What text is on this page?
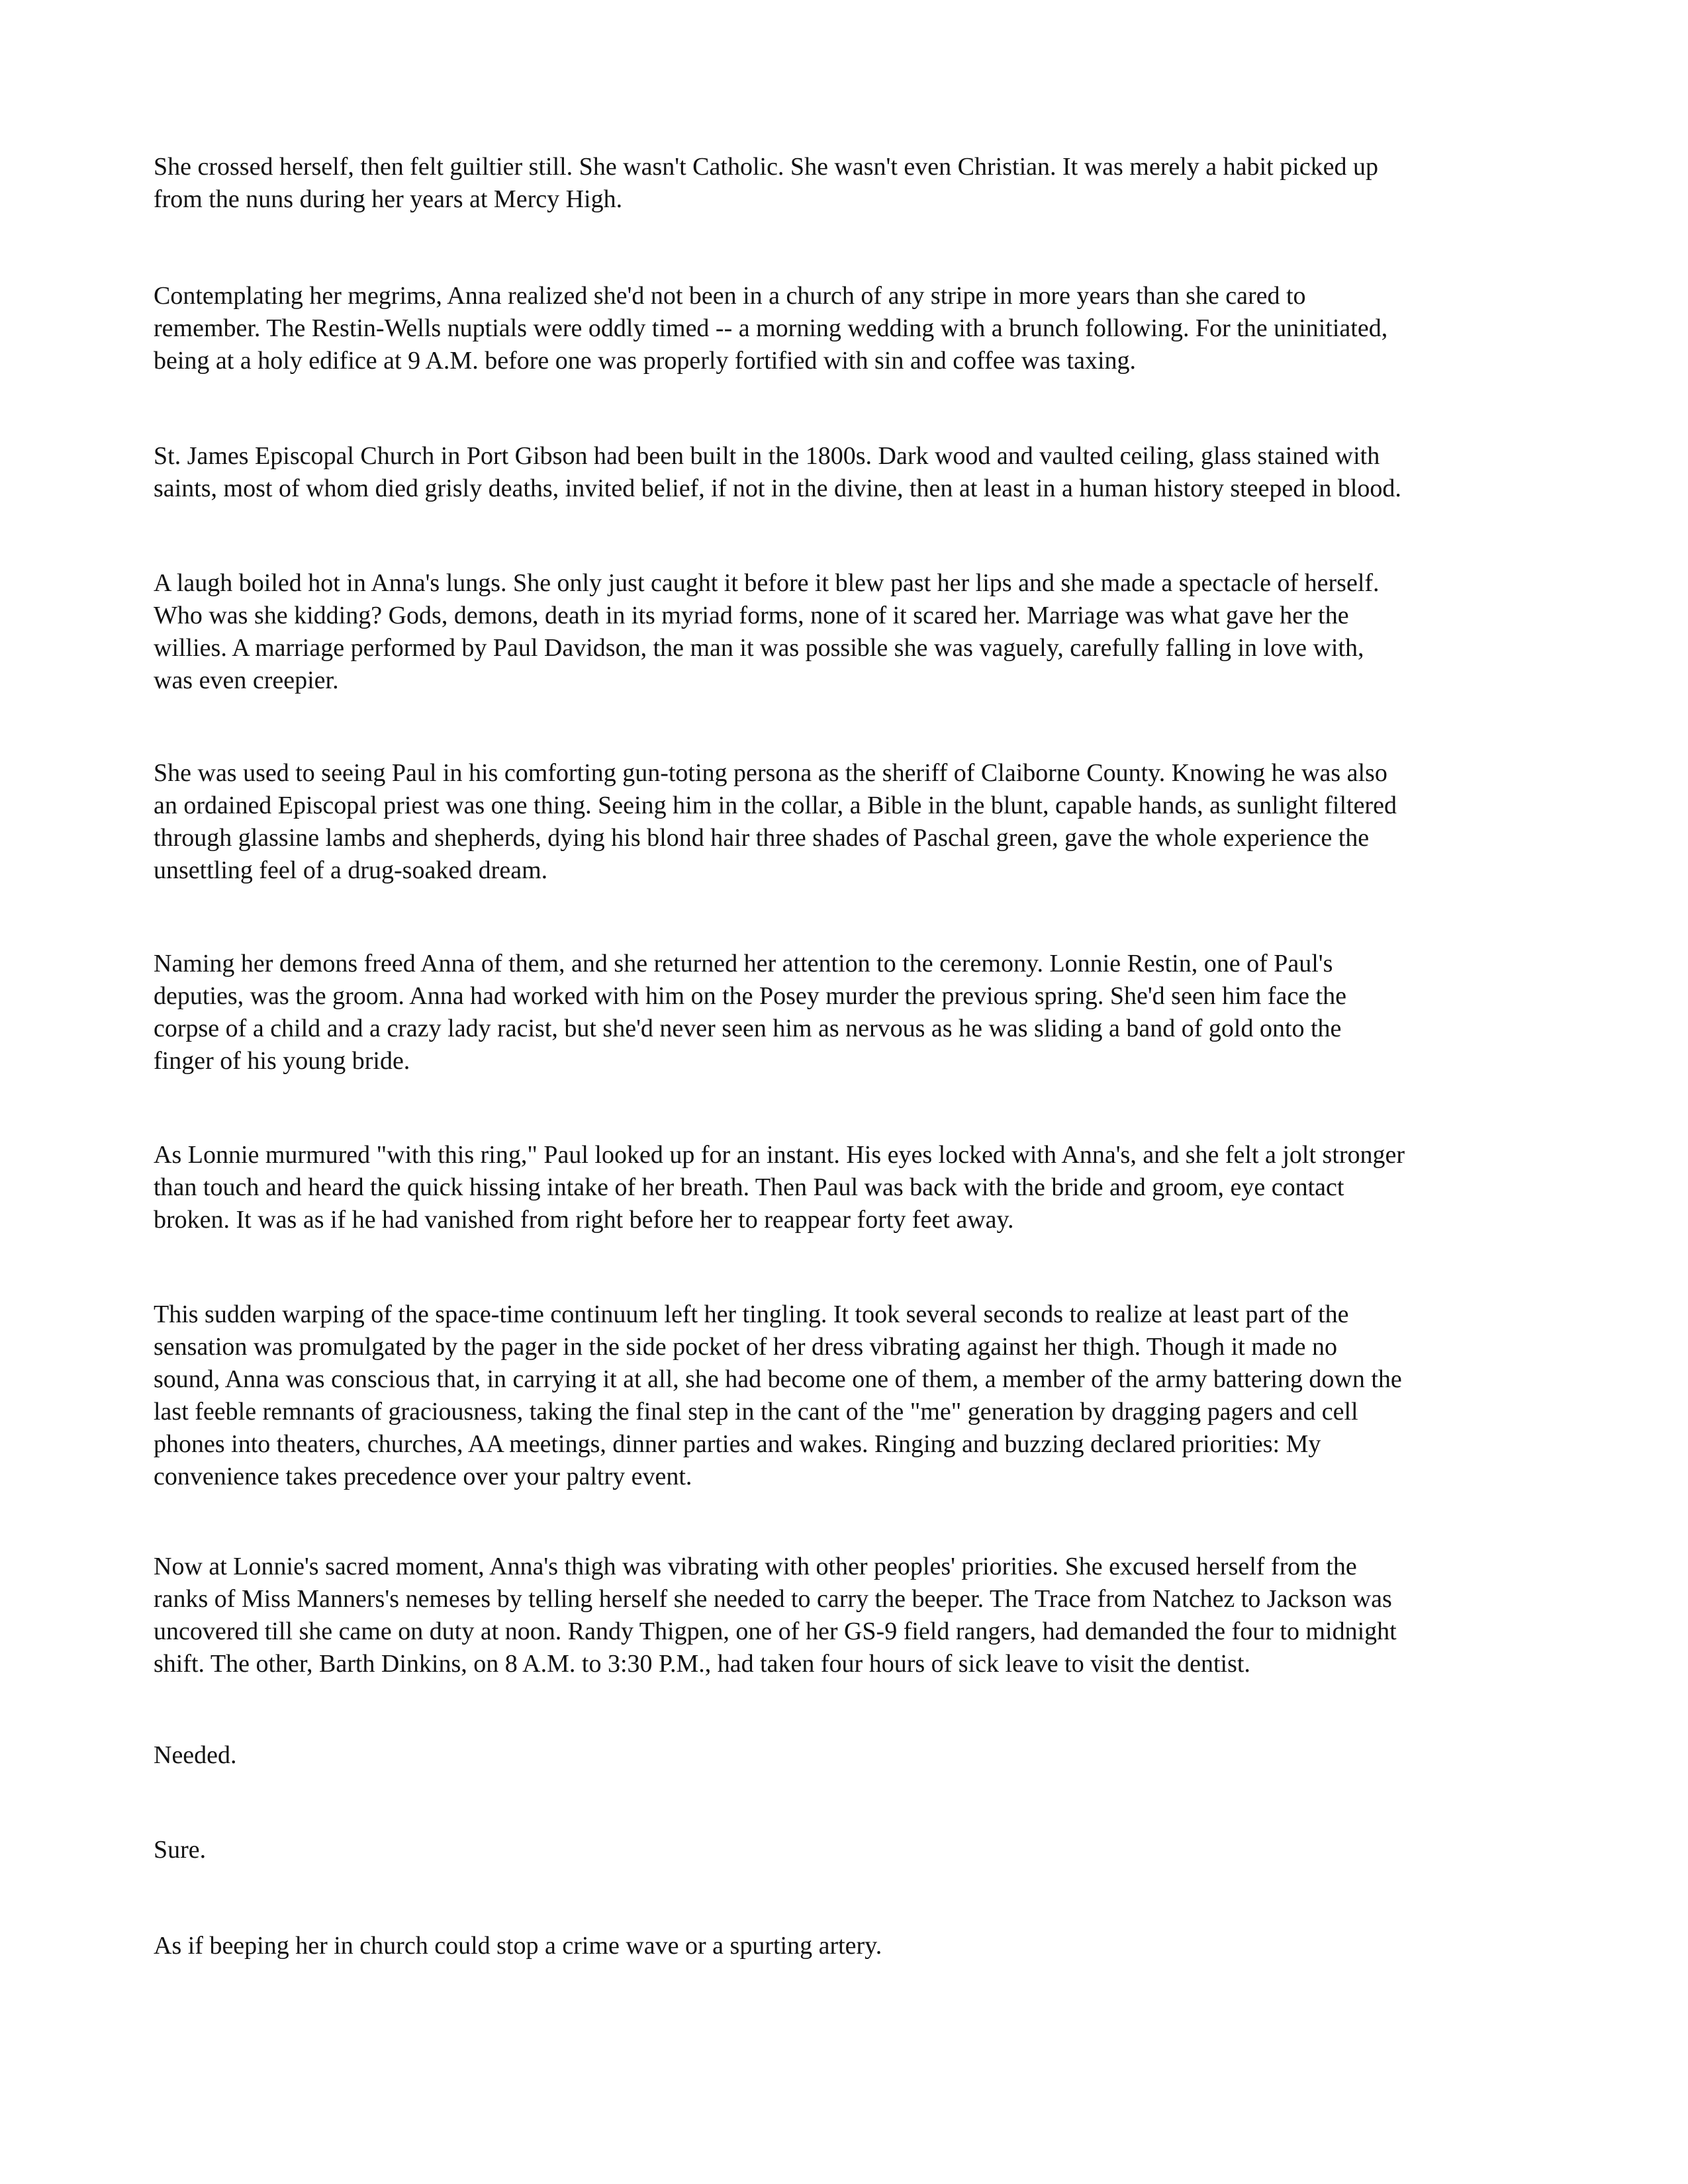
She crossed herself, then felt guiltier still. She wasn't Catholic. She wasn't even Christian. It was merely a habit picked up
from the nuns during her years at Mercy High.

Contemplating her megrims, Anna realized she'd not been in a church of any stripe in more years than she cared to
remember. The Restin-Wells nuptials were oddly timed -- a morning wedding with a brunch following. For the uninitiated,
being at a holy edifice at 9 A.M. before one was properly fortified with sin and coffee was taxing.

St. James Episcopal Church in Port Gibson had been built in the 1800s. Dark wood and vaulted ceiling, glass stained with
saints, most of whom died grisly deaths, invited belief, if not in the divine, then at least in a human history steeped in blood.

A laugh boiled hot in Anna's lungs. She only just caught it before it blew past her lips and she made a spectacle of herself.
Who was she kidding? Gods, demons, death in its myriad forms, none of it scared her. Marriage was what gave her the
willies. A marriage performed by Paul Davidson, the man it was possible she was vaguely, carefully falling in love with,
was even creepier.

She was used to seeing Paul in his comforting gun-toting persona as the sheriff of Claiborne County. Knowing he was also
an ordained Episcopal priest was one thing. Seeing him in the collar, a Bible in the blunt, capable hands, as sunlight filtered
through glassine lambs and shepherds, dying his blond hair three shades of Paschal green, gave the whole experience the
unsettling feel of a drug-soaked dream.

Naming her demons freed Anna of them, and she returned her attention to the ceremony. Lonnie Restin, one of Paul's
deputies, was the groom. Anna had worked with him on the Posey murder the previous spring. She'd seen him face the
corpse of a child and a crazy lady racist, but she'd never seen him as nervous as he was sliding a band of gold onto the
finger of his young bride.

As Lonnie murmured "with this ring," Paul looked up for an instant. His eyes locked with Anna's, and she felt a jolt stronger
than touch and heard the quick hissing intake of her breath. Then Paul was back with the bride and groom, eye contact
broken. It was as if he had vanished from right before her to reappear forty feet away.

This sudden warping of the space-time continuum left her tingling. It took several seconds to realize at least part of the
sensation was promulgated by the pager in the side pocket of her dress vibrating against her thigh. Though it made no
sound, Anna was conscious that, in carrying it at all, she had become one of them, a member of the army battering down the
last feeble remnants of graciousness, taking the final step in the cant of the "me" generation by dragging pagers and cell
phones into theaters, churches, AA meetings, dinner parties and wakes. Ringing and buzzing declared priorities: My
convenience takes precedence over your paltry event.

Now at Lonnie's sacred moment, Anna's thigh was vibrating with other peoples' priorities. She excused herself from the
ranks of Miss Manners's nemeses by telling herself she needed to carry the beeper. The Trace from Natchez to Jackson was
uncovered till she came on duty at noon. Randy Thigpen, one of her GS-9 field rangers, had demanded the four to midnight
shift. The other, Barth Dinkins, on 8 A.M. to 3:30 P.M., had taken four hours of sick leave to visit the dentist.

Needed.

Sure.

As if beeping her in church could stop a crime wave or a spurting artery.
